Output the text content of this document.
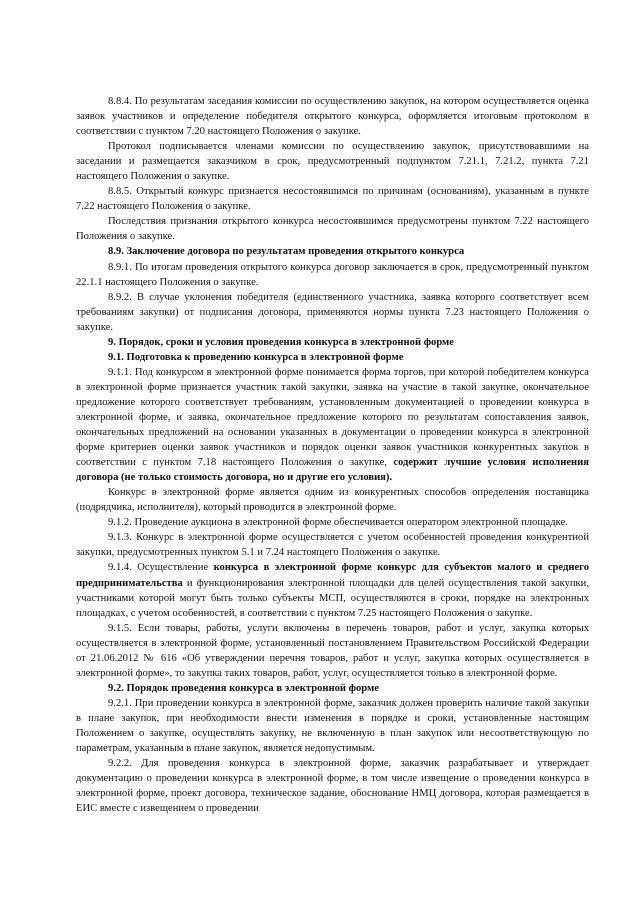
8.8.4. По результатам заседания комиссии по осуществлению закупок, на котором осуществляется оценка заявок участников и определение победителя открытого конкурса, оформляется итоговым протоколом в соответствии с пунктом 7.20 настоящего Положения о закупке.

Протокол подписывается членами комиссии по осуществлению закупок, присутствовавшими на заседании и размещается заказчиком в срок, предусмотренный подпунктом 7.21.1, 7.21.2, пункта 7.21 настоящего Положения о закупке.

8.8.5. Открытый конкурс признается несостоявшимся по причинам (основаниям), указанным в пункте 7.22 настоящего Положения о закупке.

Последствия признания открытого конкурса несостоявшимся предусмотрены пунктом 7.22 настоящего Положения о закупке.

8.9. Заключение договора по результатам проведения открытого конкурса

8.9.1. По итогам проведения открытого конкурса договор заключается в срок, предусмотренный пунктом 22.1.1 настоящего Положения о закупке.

8.9.2. В случае уклонения победителя (единственного участника, заявка которого соответствует всем требованиям закупки) от подписания договора, применяются нормы пункта 7.23 настоящего Положения о закупке.

9. Порядок, сроки и условия проведения конкурса в электронной форме

9.1. Подготовка к проведению конкурса в электронной форме

9.1.1. Под конкурсом в электронной форме понимается форма торгов, при которой победителем конкурса в электронной форме признается участник такой закупки, заявка на участие в такой закупке, окончательное предложение которого соответствует требованиям, установленным документацией о проведении конкурса в электронной форме, и заявка, окончательное предложение которого по результатам сопоставления заявок, окончательных предложений на основании указанных в документации о проведении конкурса в электронной форме критериев оценки заявок участников и порядок оценки заявок участников конкурентных закупок в соответствии с пунктом 7.18 настоящего Положения о закупке, содержит лучшие условия исполнения договора (не только стоимость договора, но и другие его условия).

Конкурс в электронной форме является одним из конкурентных способов определения поставщика (подрядчика, исполнителя), который проводится в электронной форме.

9.1.2. Проведение аукциона в электронной форме обеспечивается оператором электронной площадке.

9.1.3. Конкурс в электронной форме осуществляется с учетом особенностей проведения конкурентной закупки, предусмотренных пунктом 5.1 и 7.24 настоящего Положения о закупке.

9.1.4. Осуществление конкурса в электронной форме конкурс для субъектов малого и среднего предпринимательства и функционирования электронной площадки для целей осуществления такой закупки, участниками которой могут быть только субъекты МСП, осуществляются в сроки, порядке на электронных площадках, с учетом особенностей, в соответствии с пунктом 7.25 настоящего Положения о закупке.

9.1.5. Если товары, работы, услуги включены в перечень товаров, работ и услуг, закупка которых осуществляется в электронной форме, установленный постановлением Правительством Российской Федерации от 21.06.2012 № 616 «Об утверждении перечня товаров, работ и услуг, закупка которых осуществляется в электронной форме», то закупка таких товаров, работ, услуг, осуществляется только в электронной форме.

9.2. Порядок проведения конкурса в электронной форме

9.2.1. При проведении конкурса в электронной форме, заказчик должен проверить наличие такой закупки в плане закупок, при необходимости внести изменения в порядке и сроки, установленные настоящим Положением о закупке, осуществлять закупку, не включенную в план закупок или несоответствующую по параметрам, указанным в плане закупок, является недопустимым.

9.2.2. Для проведения конкурса в электронной форме, заказчик разрабатывает и утверждает документацию о проведении конкурса в электронной форме, в том числе извещение о проведении конкурса в электронной форме, проект договора, техническое задание, обоснование НМЦ договора, которая размещается в ЕИС вместе с извещением о проведении
